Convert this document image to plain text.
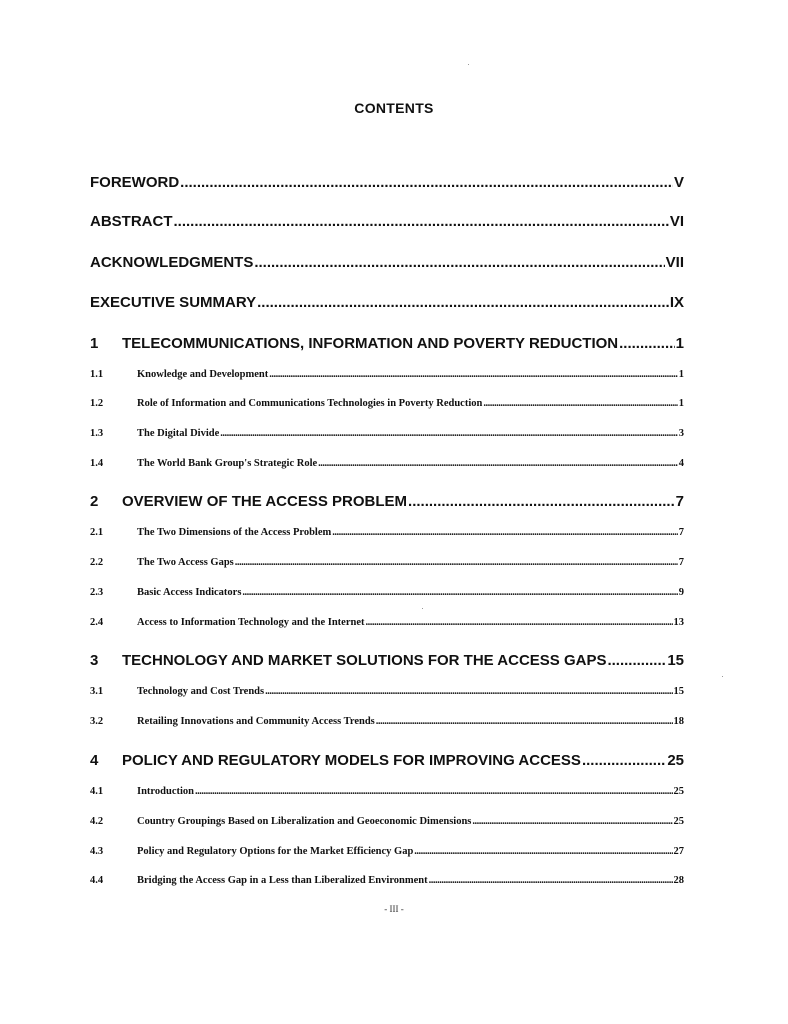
CONTENTS
FOREWORD .....	V
ABSTRACT .....	VI
ACKNOWLEDGMENTS .....	VII
EXECUTIVE SUMMARY .....	IX
1	TELECOMMUNICATIONS, INFORMATION AND POVERTY REDUCTION .....	1
1.1	Knowledge and Development .....	1
1.2	Role of Information and Communications Technologies in Poverty Reduction .....	1
1.3	The Digital Divide .....	3
1.4	The World Bank Group's Strategic Role .....	4
2	OVERVIEW OF THE ACCESS PROBLEM .....	7
2.1	The Two Dimensions of the Access Problem .....	7
2.2	The Two Access Gaps .....	7
2.3	Basic Access Indicators .....	9
2.4	Access to Information Technology and the Internet .....	13
3	TECHNOLOGY AND MARKET SOLUTIONS FOR THE ACCESS GAPS .....	15
3.1	Technology and Cost Trends .....	15
3.2	Retailing Innovations and Community Access Trends .....	18
4	POLICY AND REGULATORY MODELS FOR IMPROVING ACCESS .....	25
4.1	Introduction .....	25
4.2	Country Groupings Based on Liberalization and Geoeconomic Dimensions .....	25
4.3	Policy and Regulatory Options for the Market Efficiency Gap .....	27
4.4	Bridging the Access Gap in a Less than Liberalized Environment .....	28
- III -
